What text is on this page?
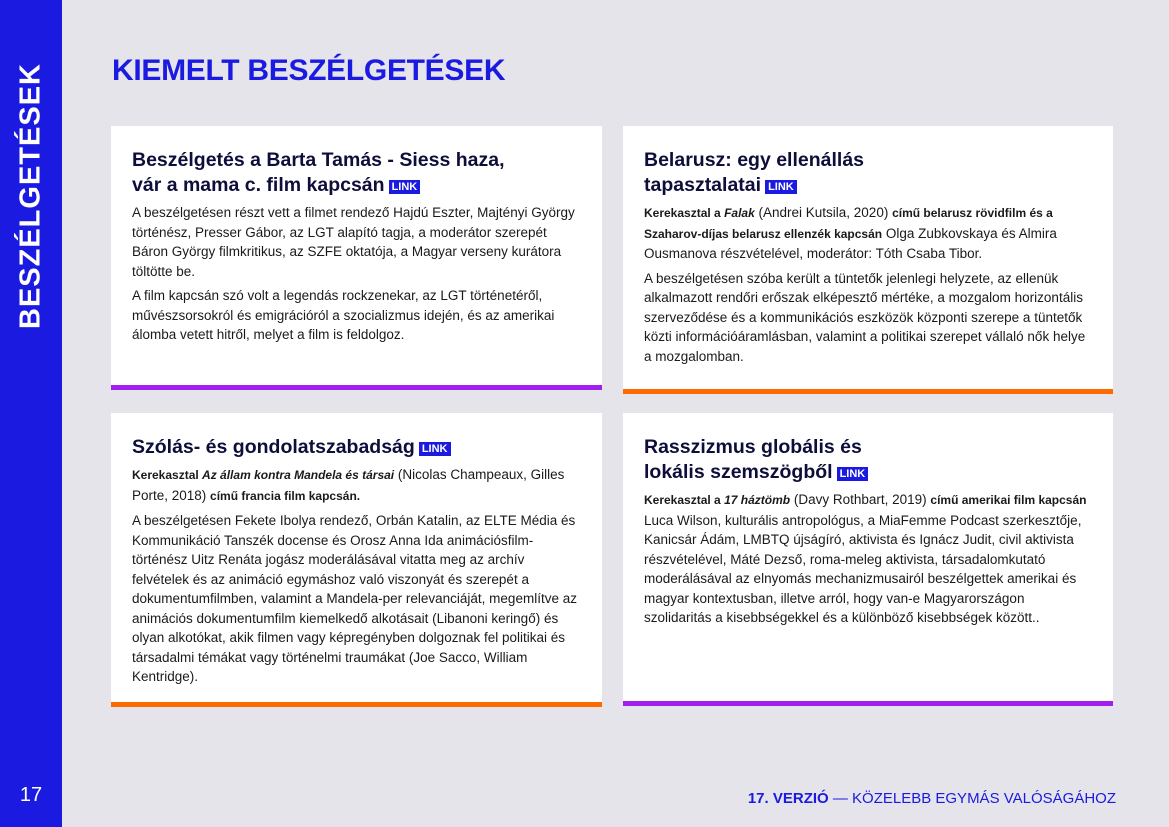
BESZÉLGETÉSEK
17
KIEMELT BESZÉLGETÉSEK
Beszélgetés a Barta Tamás - Siess haza,
vár a mama c. film kapcsán LINK

A beszélgetésen részt vett a filmet rendező Hajdú Eszter, Majtényi György történész, Presser Gábor, az LGT alapító tagja, a moderátor szerepét Báron György filmkritikus, az SZFE oktatója, a Magyar verseny kurátora töltötte be.

A film kapcsán szó volt a legendás rockzenekar, az LGT történetéről, művészsorsokról és emigrációról a szocializmus idején, és az amerikai álomba vetett hitről, melyet a film is feldolgoz.

Belarusz: egy ellenállás
tapasztalatai LINK

Kerekasztal a Falak (Andrei Kutsila, 2020) című belarusz rövidfilm és a Szaharov-díjas belarusz ellenzék kapcsán Olga Zubkovskaya és Almira Ousmanova részvételével, moderátor: Tóth Csaba Tibor.

A beszélgetésen szóba került a tüntetők jelenlegi helyzete, az ellenük alkalmazott rendőri erőszak elképesztő mértéke, a mozgalom horizontális szerveződése és a kommunikációs eszközök központi szerepe a tüntetők közti információáramlásban, valamint a politikai szerepet vállaló nők helye a mozgalomban.

Szólás- és gondolatszabadság LINK

Kerekasztal Az állam kontra Mandela és társai (Nicolas Champeaux, Gilles Porte, 2018) című francia film kapcsán.

A beszélgetésen Fekete Ibolya rendező, Orbán Katalin, az ELTE Média és Kommunikáció Tanszék docense és Orosz Anna Ida animációsfilm-történész Uitz Renáta jogász moderálásával vitatta meg az archív felvételek és az animáció egymáshoz való viszonyát és szerepét a dokumentumfilmben, valamint a Mandela-per relevanciáját, megemlítve az animációs dokumentumfilm kiemelkedő alkotásait (Libanoni keringő) és olyan alkotókat, akik filmen vagy képregényben dolgoznak fel politikai és társadalmi témákat vagy történelmi traumákat (Joe Sacco, William Kentridge).

Rasszizmus globális és
lokális szemszögből LINK

Kerekasztal a 17 háztömb (Davy Rothbart, 2019) című amerikai film kapcsán Luca Wilson, kulturális antropológus, a MiaFemme Podcast szerkesztője, Kanicsár Ádám, LMBTQ újságíró, aktivista és Ignácz Judit, civil aktivista részvételével, Máté Dezső, roma-meleg aktivista, társadalomkutató moderálásával az elnyomás mechanizmusairól beszélgettek amerikai és magyar kontextusban, illetve arról, hogy van-e Magyarországon szolidaritás a kisebbségekkel és a különböző kisebbségek között..

17. VERZIÓ — KÖZELEBB EGYMÁS VALÓSÁGÁHOZ
